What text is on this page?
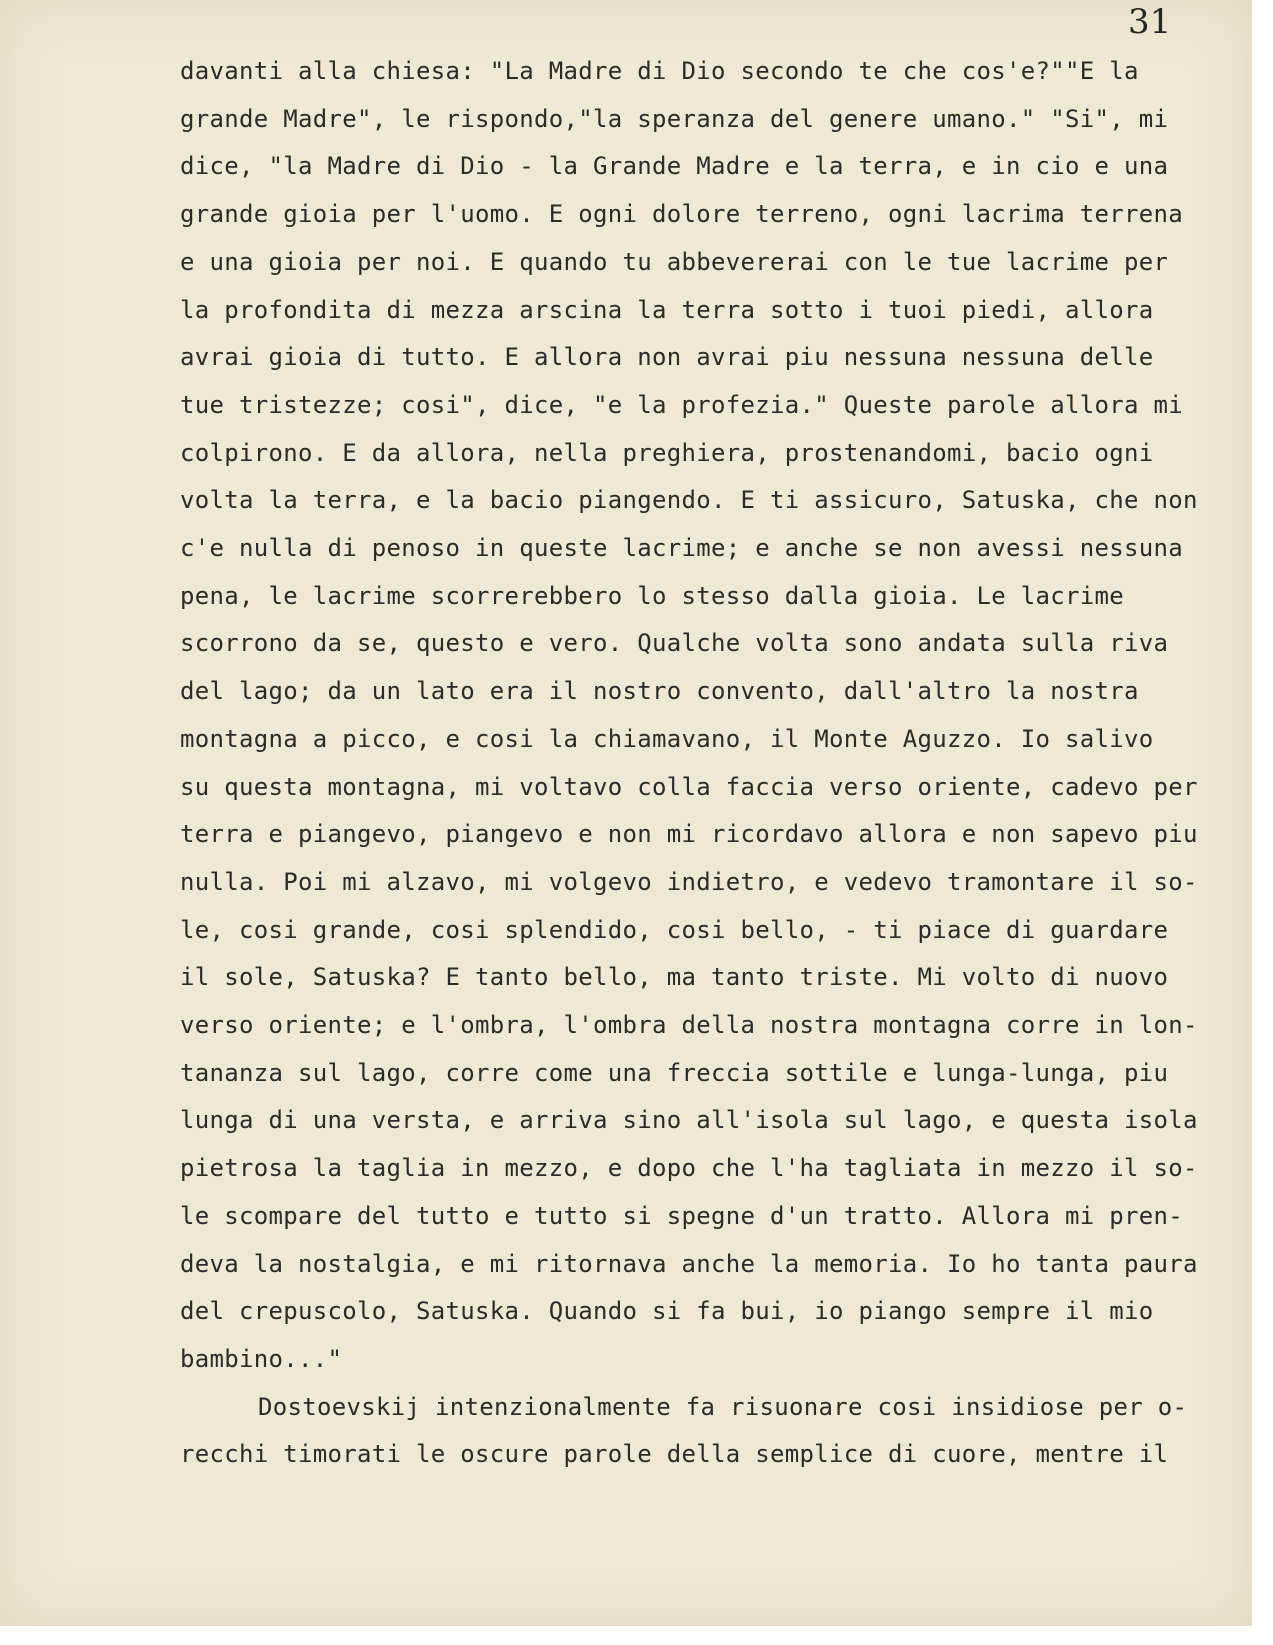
31
davanti alla chiesa: "La Madre di Dio secondo te che cos'e?""E la
grande Madre", le rispondo,"la speranza del genere umano." "Si", mi
dice, "la Madre di Dio - la Grande Madre e la terra, e in cio e una
grande gioia per l'uomo. E ogni dolore terreno, ogni lacrima terrena
e una gioia per noi. E quando tu abbevererai con le tue lacrime per
la profondita di mezza arscina la terra sotto i tuoi piedi, allora
avrai gioia di tutto. E allora non avrai piu nessuna nessuna delle
tue tristezze; cosi", dice, "e la profezia." Queste parole allora mi
colpirono. E da allora, nella preghiera, prostenandomi, bacio ogni
volta la terra, e la bacio piangendo. E ti assicuro, Satuska, che non
c'e nulla di penoso in queste lacrime; e anche se non avessi nessuna
pena, le lacrime scorrerebbero lo stesso dalla gioia. Le lacrime
scorrono da se, questo e vero. Qualche volta sono andata sulla riva
del lago; da un lato era il nostro convento, dall'altro la nostra
montagna a picco, e cosi la chiamavano, il Monte Aguzzo. Io salivo
su questa montagna, mi voltavo colla faccia verso oriente, cadevo per
terra e piangevo, piangevo e non mi ricordavo allora e non sapevo piu
nulla. Poi mi alzavo, mi volgevo indietro, e vedevo tramontare il so-
le, cosi grande, cosi splendido, cosi bello, - ti piace di guardare
il sole, Satuska? E tanto bello, ma tanto triste. Mi volto di nuovo
verso oriente; e l'ombra, l'ombra della nostra montagna corre in lon-
tananza sul lago, corre come una freccia sottile e lunga-lunga, piu
lunga di una versta, e arriva sino all'isola sul lago, e questa isola
pietrosa la taglia in mezzo, e dopo che l'ha tagliata in mezzo il so-
le scompare del tutto e tutto si spegne d'un tratto. Allora mi pren-
deva la nostalgia, e mi ritornava anche la memoria. Io ho tanta paura
del crepuscolo, Satuska. Quando si fa bui, io piango sempre il mio
bambino..."
Dostoevskij intenzionalmente fa risuonare cosi insidiose per o-
recchi timorati le oscure parole della semplice di cuore, mentre il
